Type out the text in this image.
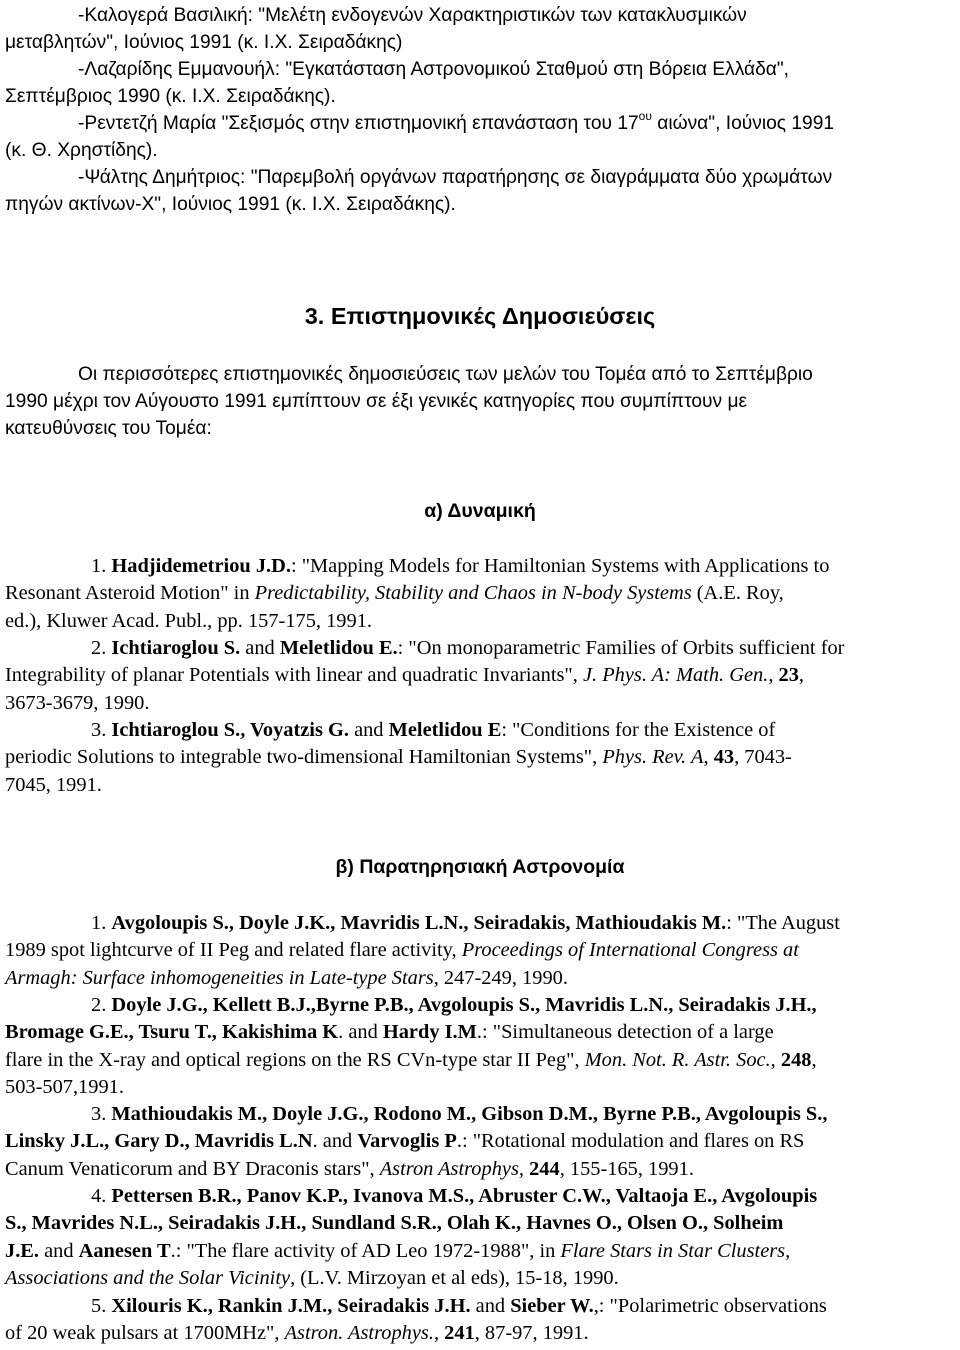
-Καλογερά Βασιλική: "Μελέτη ενδογενών Χαρακτηριστικών των κατακλυσμικών
μεταβλητών", Ιούνιος 1991 (κ. Ι.Χ. Σειραδάκης)
-Λαζαρίδης Εμμανουήλ: "Εγκατάσταση Αστρονομικού Σταθμού στη Βόρεια Ελλάδα",
Σεπτέμβριος 1990 (κ. Ι.Χ. Σειραδάκης).
-Ρεντετζή Μαρία "Σεξισμός στην επιστημονική επανάσταση του $17^{o\upsilon}$ αιώνα", Ιούνιος 1991
(κ. Θ. Χρηστίδης).
-Ψάλτης Δημήτριος: "Παρεμβολή οργάνων παρατήρησης σε διαγράμματα δύο χρωμάτων
πηγών ακτίνων-Χ", Ιούνιος 1991 (κ. Ι.Χ. Σειραδάκης).
3. Επιστημονικές Δημοσιεύσεις
Οι περισσότερες επιστημονικές δημοσιεύσεις των μελών του Τομέα από το Σεπτέμβριο
1990 μέχρι τον Αύγουστο 1991 εμπίπτουν σε έξι γενικές κατηγορίες που συμπίπτουν με
κατευθύνσεις του Τομέα:
α) Δυναμική
1. Hadjidemetriou J.D.: "Mapping Models for Hamiltonian Systems with Applications to
Resonant Asteroid Motion" in Predictability, Stability and Chaos in N-body Systems (A.E. Roy,
ed.), Kluwer Acad. Publ., pp. 157-175, 1991.
2. Ichtiaroglou S. and Meletlidou E.: "On monoparametric Families of Orbits sufficient for
Integrability of planar Potentials with linear and quadratic Invariants", J. Phys. A: Math. Gen., 23,
3673-3679, 1990.
3. Ichtiaroglou S., Voyatzis G. and Meletlidou E: "Conditions for the Existence of
periodic Solutions to integrable two-dimensional Hamiltonian Systems", Phys. Rev. A, 43, 7043-
7045, 1991.
β) Παρατηρησιακή Αστρονομία
1. Avgoloupis S., Doyle J.K., Mavridis L.N., Seiradakis, Mathioudakis M.: "The August
1989 spot lightcurve of II Peg and related flare activity, Proceedings of International Congress at
Armagh: Surface inhomogeneities in Late-type Stars, 247-249, 1990.
2. Doyle J.G., Kellett B.J.,Byrne P.B., Avgoloupis S., Mavridis L.N., Seiradakis J.H.,
Bromage G.E., Tsuru T., Kakishima K. and Hardy I.M.: "Simultaneous detection of a large
flare in the X-ray and optical regions on the RS CVn-type star II Peg", Mon. Not. R. Astr. Soc., 248,
503-507,1991.
3. Mathioudakis M., Doyle J.G., Rodono M., Gibson D.M., Byrne P.B., Avgoloupis S.,
Linsky J.L., Gary D., Mavridis L.N. and Varvoglis P.: "Rotational modulation and flares on RS
Canum Venaticorum and BY Draconis stars", Astron Astrophys, 244, 155-165, 1991.
4. Pettersen B.R., Panov K.P., Ivanova M.S., Abruster C.W., Valtaoja E., Avgoloupis
S., Mavrides N.L., Seiradakis J.H., Sundland S.R., Olah K., Havnes O., Olsen O., Solheim
J.E. and Aanesen T.: "The flare activity of AD Leo 1972-1988", in Flare Stars in Star Clusters,
Associations and the Solar Vicinity, (L.V. Mirzoyan et al eds), 15-18, 1990.
5. Xilouris K., Rankin J.M., Seiradakis J.H. and Sieber W.,: "Polarimetric observations
of 20 weak pulsars at 1700MHz", Astron. Astrophys., 241, 87-97, 1991.
